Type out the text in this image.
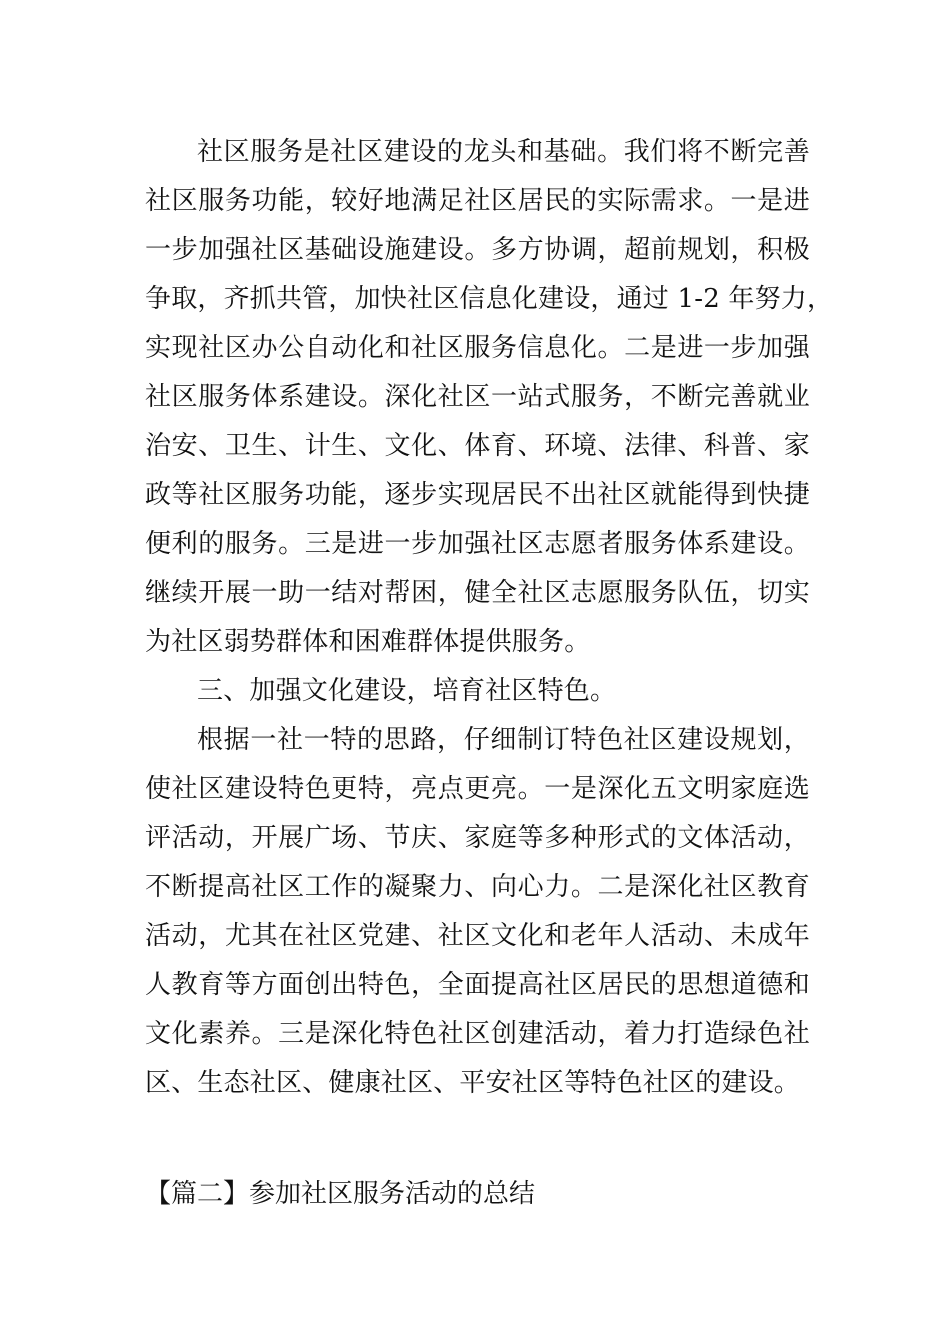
社区服务是社区建设的龙头和基础。我们将不断完善
社区服务功能，较好地满足社区居民的实际需求。一是进
一步加强社区基础设施建设。多方协调，超前规划，积极
争取，齐抓共管，加快社区信息化建设，通过 1-2 年努力，
实现社区办公自动化和社区服务信息化。二是进一步加强
社区服务体系建设。深化社区一站式服务，不断完善就业
治安、卫生、计生、文化、体育、环境、法律、科普、家
政等社区服务功能，逐步实现居民不出社区就能得到快捷
便利的服务。三是进一步加强社区志愿者服务体系建设。
继续开展一助一结对帮困，健全社区志愿服务队伍，切实
为社区弱势群体和困难群体提供服务。

三、加强文化建设，培育社区特色。

根据一社一特的思路，仔细制订特色社区建设规划，
使社区建设特色更特，亮点更亮。一是深化五文明家庭选
评活动，开展广场、节庆、家庭等多种形式的文体活动，
不断提高社区工作的凝聚力、向心力。二是深化社区教育
活动，尤其在社区党建、社区文化和老年人活动、未成年
人教育等方面创出特色，全面提高社区居民的思想道德和
文化素养。三是深化特色社区创建活动，着力打造绿色社
区、生态社区、健康社区、平安社区等特色社区的建设。

【篇二】参加社区服务活动的总结
